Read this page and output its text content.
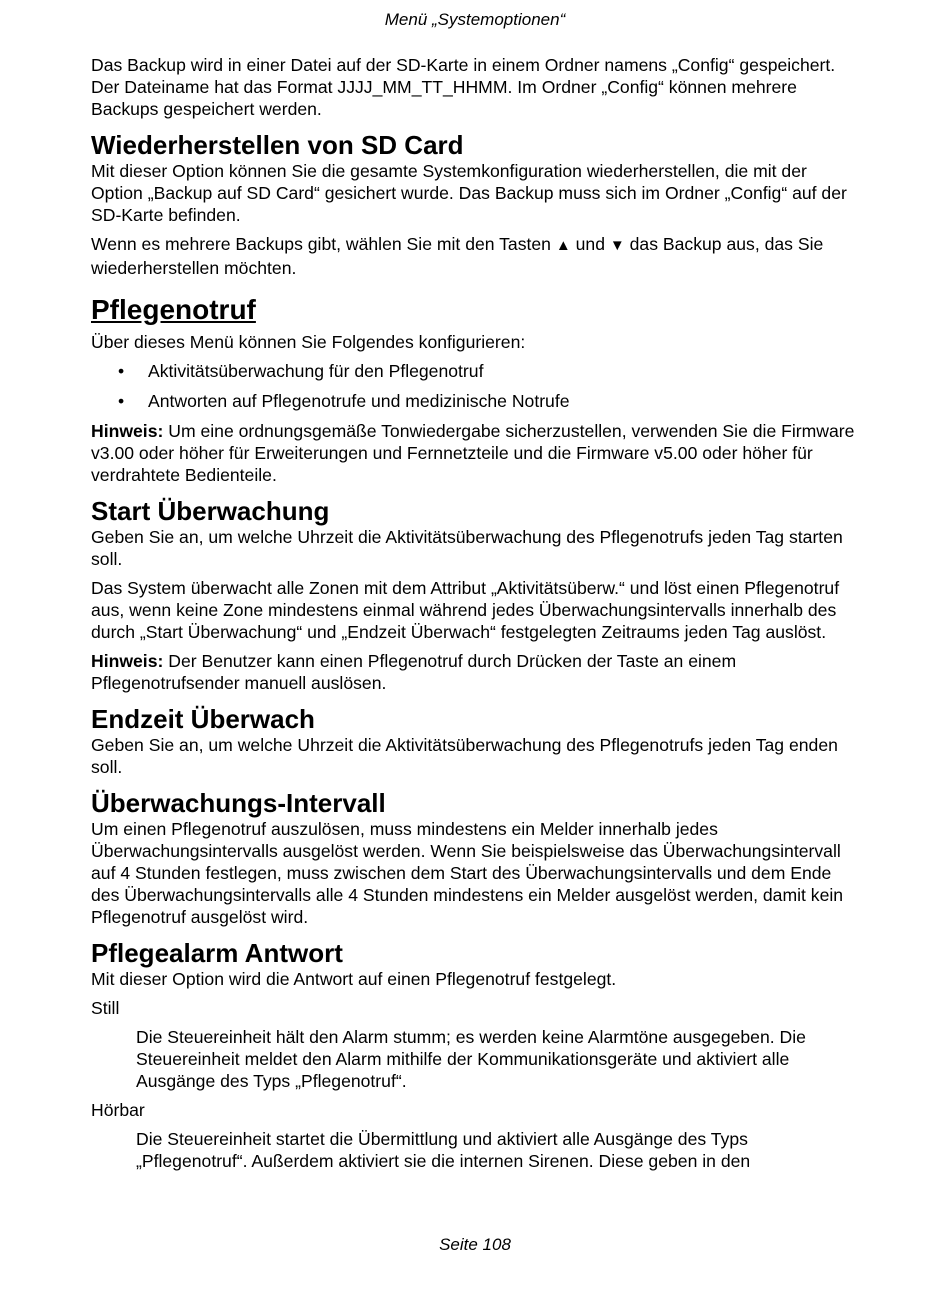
Menü „Systemoptionen“

Das Backup wird in einer Datei auf der SD-Karte in einem Ordner namens „Config“ gespeichert. Der Dateiname hat das Format JJJJ_MM_TT_HHMM. Im Ordner „Config“ können mehrere Backups gespeichert werden.

Wiederherstellen von SD Card

Mit dieser Option können Sie die gesamte Systemkonfiguration wiederherstellen, die mit der Option „Backup auf SD Card“ gesichert wurde. Das Backup muss sich im Ordner „Config“ auf der SD-Karte befinden.

Wenn es mehrere Backups gibt, wählen Sie mit den Tasten ▲ und ▼ das Backup aus, das Sie wiederherstellen möchten.

Pflegenotruf

Über dieses Menü können Sie Folgendes konfigurieren:

• Aktivitätsüberwachung für den Pflegenotruf
• Antworten auf Pflegenotrufe und medizinische Notrufe

Hinweis: Um eine ordnungsgemäße Tonwiedergabe sicherzustellen, verwenden Sie die Firmware v3.00 oder höher für Erweiterungen und Fernnetzteile und die Firmware v5.00 oder höher für verdrahtete Bedienteile.

Start Überwachung

Geben Sie an, um welche Uhrzeit die Aktivitätsüberwachung des Pflegenotrufs jeden Tag starten soll.

Das System überwacht alle Zonen mit dem Attribut „Aktivitätsüberw.“ und löst einen Pflegenotruf aus, wenn keine Zone mindestens einmal während jedes Überwachungsintervalls innerhalb des durch „Start Überwachung“ und „Endzeit Überwach“ festgelegten Zeitraums jeden Tag auslöst.

Hinweis: Der Benutzer kann einen Pflegenotruf durch Drücken der Taste an einem Pflegenotrufsender manuell auslösen.

Endzeit Überwach

Geben Sie an, um welche Uhrzeit die Aktivitätsüberwachung des Pflegenotrufs jeden Tag enden soll.

Überwachungs-Intervall

Um einen Pflegenotruf auszulösen, muss mindestens ein Melder innerhalb jedes Überwachungsintervalls ausgelöst werden. Wenn Sie beispielsweise das Überwachungsintervall auf 4 Stunden festlegen, muss zwischen dem Start des Überwachungsintervalls und dem Ende des Überwachungsintervalls alle 4 Stunden mindestens ein Melder ausgelöst werden, damit kein Pflegenotruf ausgelöst wird.

Pflegealarm Antwort

Mit dieser Option wird die Antwort auf einen Pflegenotruf festgelegt.

Still

Die Steuereinheit hält den Alarm stumm; es werden keine Alarmtöne ausgegeben. Die Steuereinheit meldet den Alarm mithilfe der Kommunikationsgeräte und aktiviert alle Ausgänge des Typs „Pflegenotruf“.

Hörbar

Die Steuereinheit startet die Übermittlung und aktiviert alle Ausgänge des Typs „Pflegenotruf“. Außerdem aktiviert sie die internen Sirenen. Diese geben in den

Seite 108
